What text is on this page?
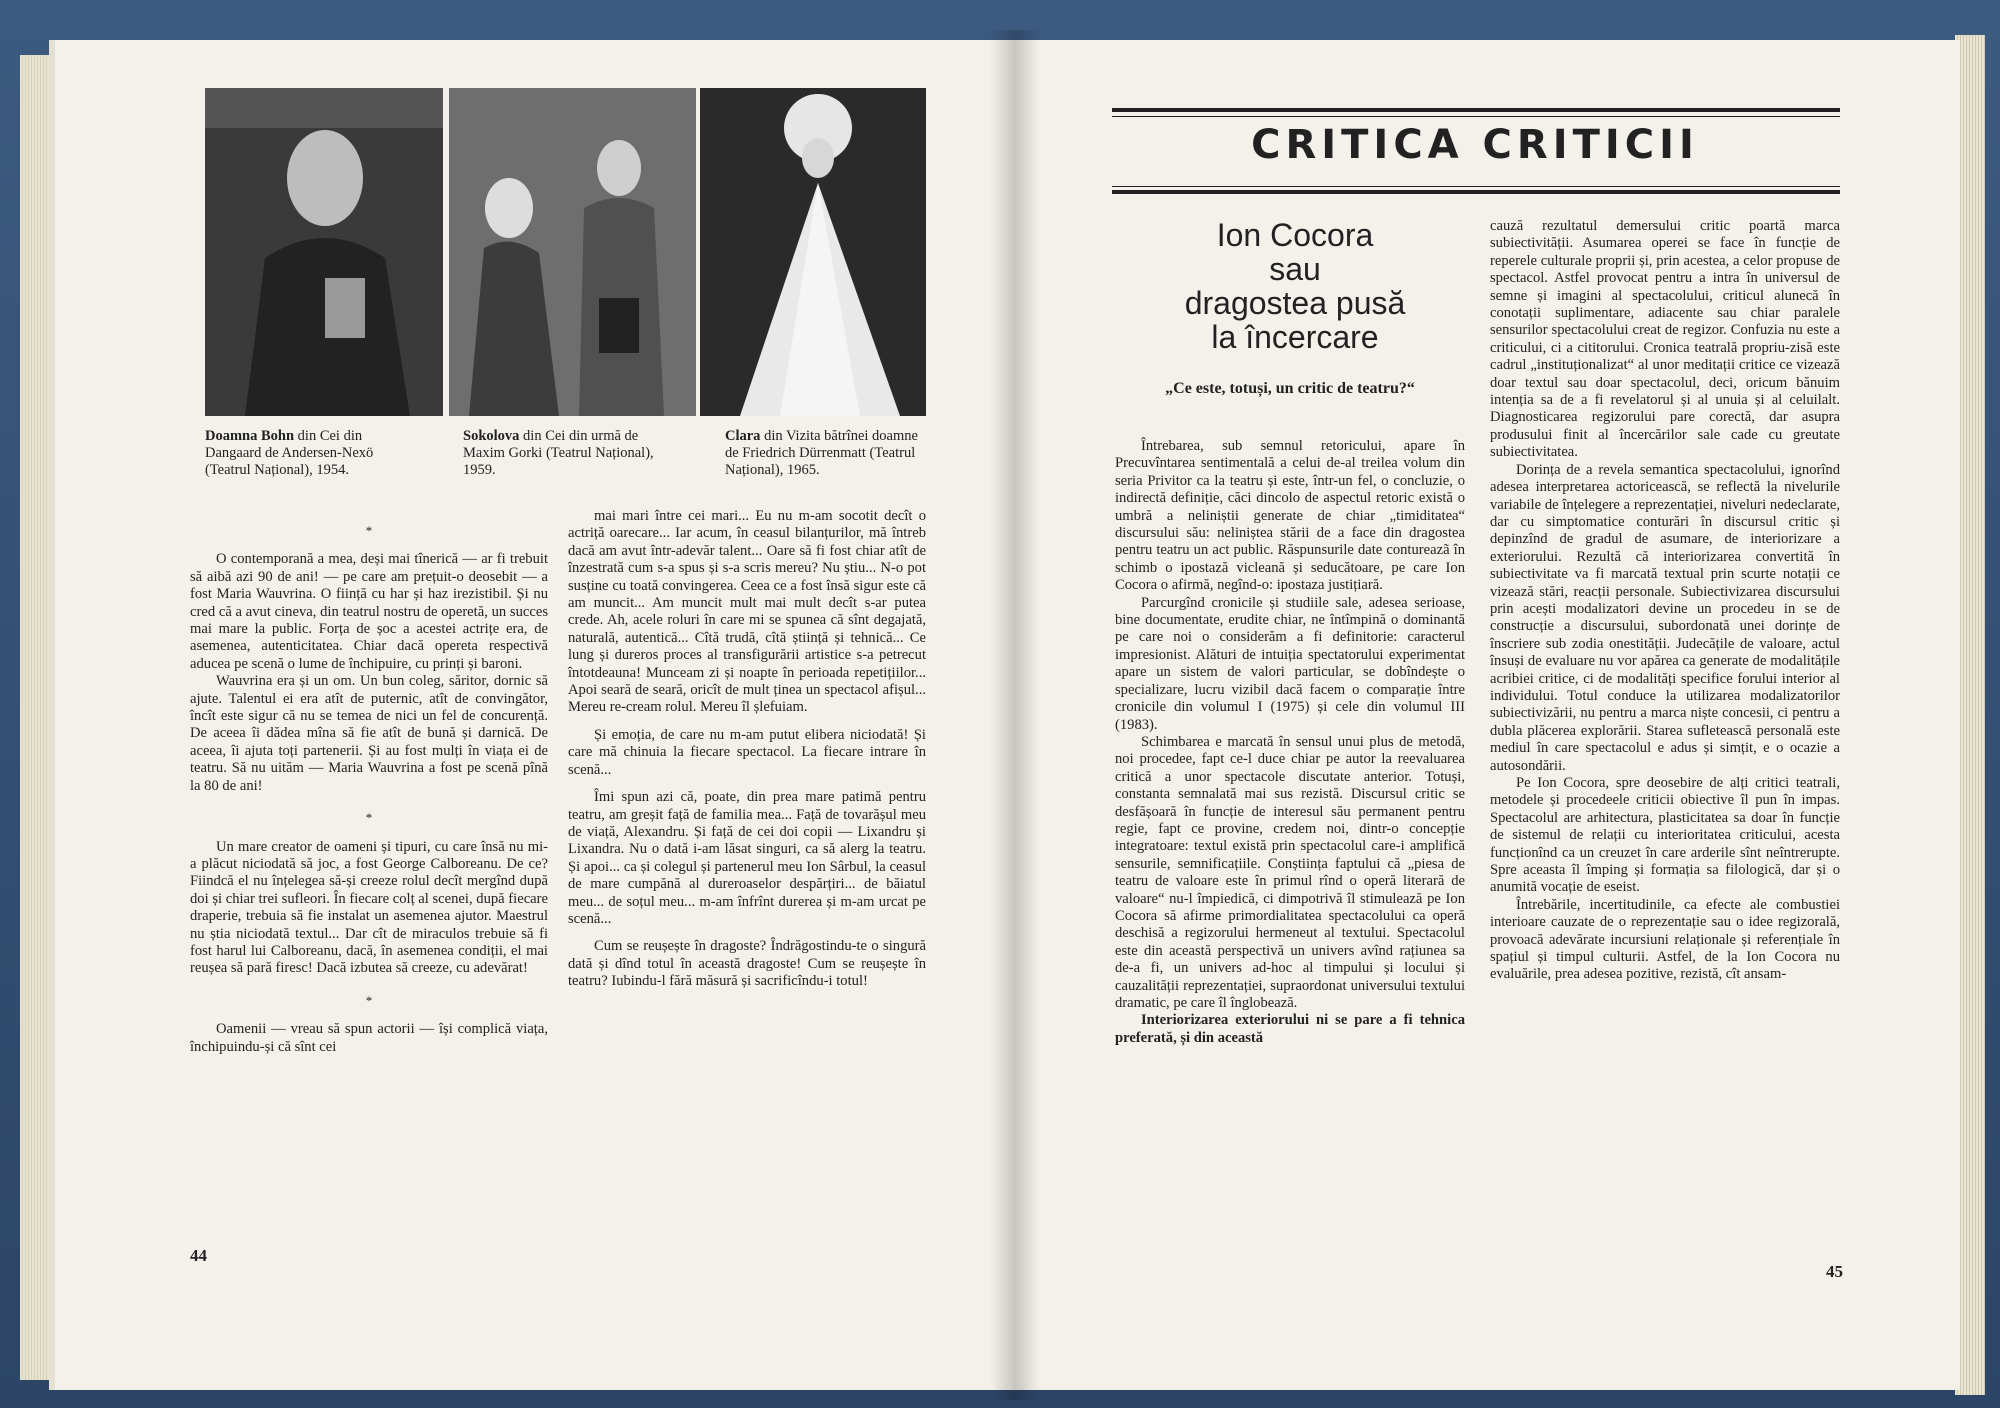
Doamna Bohn din Cei din Dangaard de Andersen-Nexö (Teatrul Național), 1954.
Sokolova din Cei din urmă de Maxim Gorki (Teatrul Național), 1959.
Clara din Vizita bătrînei doamne de Friedrich Dürrenmatt (Teatrul Național), 1965.
*

O contemporană a mea, deși mai tînerică — ar fi trebuit să aibă azi 90 de ani! — pe care am prețuit-o deosebit — a fost Maria Wauvrina. O ființă cu har și haz irezistibil. Și nu cred că a avut cineva, din teatrul nostru de operetă, un succes mai mare la public. Forța de șoc a acestei actrițe era, de asemenea, autenticitatea. Chiar dacă opereta respectivă aducea pe scenă o lume de închipuire, cu prinți și baroni.

Wauvrina era și un om. Un bun coleg, săritor, dornic să ajute. Talentul ei era atît de puternic, atît de convingător, încît este sigur că nu se temea de nici un fel de concurență. De aceea îi dădea mîna să fie atît de bună și darnică. De aceea, îi ajuta toți partenerii. Și au fost mulți în viața ei de teatru. Să nu uităm — Maria Wauvrina a fost pe scenă pînă la 80 de ani!

*

Un mare creator de oameni și tipuri, cu care însă nu mi-a plăcut niciodată să joc, a fost George Calboreanu. De ce? Fiindcă el nu înțelegea să-și creeze rolul decît mergînd după doi și chiar trei sufleori. În fiecare colț al scenei, după fiecare draperie, trebuia să fie instalat un asemenea ajutor. Maestrul nu știa niciodată textul... Dar cît de miraculos trebuie să fi fost harul lui Calboreanu, dacă, în asemenea condiții, el mai reușea să pară firesc! Dacă izbutea să creeze, cu adevărat!

*

Oamenii — vreau să spun actorii — își complică viața, închipuindu-și că sînt cei

mai mari între cei mari... Eu nu m-am socotit decît o actriță oarecare... Iar acum, în ceasul bilanțurilor, mă întreb dacă am avut într-adevăr talent... Oare să fi fost chiar atît de înzestrată cum s-a spus și s-a scris mereu? Nu știu... N-o pot susține cu toată convingerea. Ceea ce a fost însă sigur este că am muncit... Am muncit mult mai mult decît s-ar putea crede. Ah, acele roluri în care mi se spunea că sînt degajată, naturală, autentică... Cîtă trudă, cîtă știință și tehnică... Ce lung și dureros proces al transfigurării artistice s-a petrecut întotdeauna! Munceam zi și noapte în perioada repetițiilor... Apoi seară de seară, oricît de mult ținea un spectacol afișul... Mereu re-cream rolul. Mereu îl șlefuiam.

Și emoția, de care nu m-am putut elibera niciodată! Și care mă chinuia la fiecare spectacol. La fiecare intrare în scenă...

Îmi spun azi că, poate, din prea mare patimă pentru teatru, am greșit față de familia mea... Față de tovarășul meu de viață, Alexandru. Și față de cei doi copii — Lixandru și Lixandra. Nu o dată i-am lăsat singuri, ca să alerg la teatru. Și apoi... ca și colegul și partenerul meu Ion Sârbul, la ceasul de mare cumpănă al dureroaselor despărțiri... de băiatul meu... de soțul meu... m-am înfrînt durerea și m-am urcat pe scenă...

Cum se reușește în dragoste? Îndrăgostindu-te o singură dată și dînd totul în această dragoste! Cum se reușește în teatru? Iubindu-l fără măsură și sacrificîndu-i totul!

44
CRITICA CRITICII
Ion Cocora
sau
dragostea pusă
la încercare
„Ce este, totuși, un critic de teatru?“

Întrebarea, sub semnul retoricului, apare în Precuvîntarea sentimentală a celui de-al treilea volum din seria Privitor ca la teatru și este, într-un fel, o concluzie, o indirectă definiție, căci dincolo de aspectul retoric există o umbră a neliniștii generate de chiar „timiditatea“ discursului său: neliniștea stării de a face din dragostea pentru teatru un act public. Răspunsurile date contureazã în schimb o ipostază vicleană și seducătoare, pe care Ion Cocora o afirmă, negînd-o: ipostaza justițiară.

Parcurgînd cronicile și studiile sale, adesea serioase, bine documentate, erudite chiar, ne întîmpină o dominantă pe care noi o considerăm a fi definitorie: caracterul impresionist. Alături de intuiția spectatorului experimentat apare un sistem de valori particular, se dobîndește o specializare, lucru vizibil dacă facem o comparație între cronicile din volumul I (1975) și cele din volumul III (1983).

Schimbarea e marcată în sensul unui plus de metodă, noi procedee, fapt ce-l duce chiar pe autor la reevaluarea critică a unor spectacole discutate anterior. Totuși, constanta semnalată mai sus rezistă. Discursul critic se desfășoară în funcție de interesul său permanent pentru regie, fapt ce provine, credem noi, dintr-o concepție integratoare: textul există prin spectacolul care-i amplifică sensurile, semnificațiile. Conștiința faptului că „piesa de teatru de valoare este în primul rînd o operă literară de valoare“ nu-l împiedică, ci dimpotrivă îl stimulează pe Ion Cocora să afirme primordialitatea spectacolului ca operă deschisă a regizorului hermeneut al textului. Spectacolul este din această perspectivă un univers avînd rațiunea sa de-a fi, un univers ad-hoc al timpului și locului și cauzalității reprezentației, supraordonat universului textului dramatic, pe care îl înglobează.

Interiorizarea exteriorului ni se pare a fi tehnica preferată, și din această

cauză rezultatul demersului critic poartă marca subiectivității. Asumarea operei se face în funcție de reperele culturale proprii și, prin acestea, a celor propuse de spectacol. Astfel provocat pentru a intra în universul de semne și imagini al spectacolului, criticul alunecă în conotații suplimentare, adiacente sau chiar paralele sensurilor spectacolului creat de regizor. Confuzia nu este a criticului, ci a cititorului. Cronica teatrală propriu-zisă este cadrul „instituționalizat“ al unor meditații critice ce vizează doar textul sau doar spectacolul, deci, oricum bănuim intenția sa de a fi revelatorul și al unuia și al celuilalt. Diagnosticarea regizorului pare corectă, dar asupra produsului finit al încercărilor sale cade cu greutate subiectivitatea.

Dorința de a revela semantica spectacolului, ignorînd adesea interpretarea actoricească, se reflectă la nivelurile variabile de înțelegere a reprezentației, niveluri nedeclarate, dar cu simptomatice conturări în discursul critic și depinzînd de gradul de asumare, de interiorizare a exteriorului. Rezultă că interiorizarea convertită în subiectivitate va fi marcată textual prin scurte notații ce vizează stări, reacții personale. Subiectivizarea discursului prin acești modalizatori devine un procedeu in se de construcție a discursului, subordonată unei dorințe de înscriere sub zodia onestității. Judecățile de valoare, actul însuși de evaluare nu vor apărea ca generate de modalitățile acribiei critice, ci de modalități specifice forului interior al individului. Totul conduce la utilizarea modalizatorilor subiectivizării, nu pentru a marca niște concesii, ci pentru a dubla plăcerea explorării. Starea sufletească personală este mediul în care spectacolul e adus și simțit, e o ocazie a autosondării.

Pe Ion Cocora, spre deosebire de alți critici teatrali, metodele și procedeele criticii obiective îl pun în impas. Spectacolul are arhitectura, plasticitatea sa doar în funcție de sistemul de relații cu interioritatea criticului, acesta funcționînd ca un creuzet în care arderile sînt neîntrerupte. Spre aceasta îl împing și formația sa filologică, dar și o anumită vocație de eseist.

Întrebările, incertitudinile, ca efecte ale combustiei interioare cauzate de o reprezentație sau o idee regizorală, provoacă adevărate incursiuni relaționale și referențiale în spațiul și timpul culturii. Astfel, de la Ion Cocora nu evaluările, prea adesea pozitive, rezistă, cît ansam-

45
